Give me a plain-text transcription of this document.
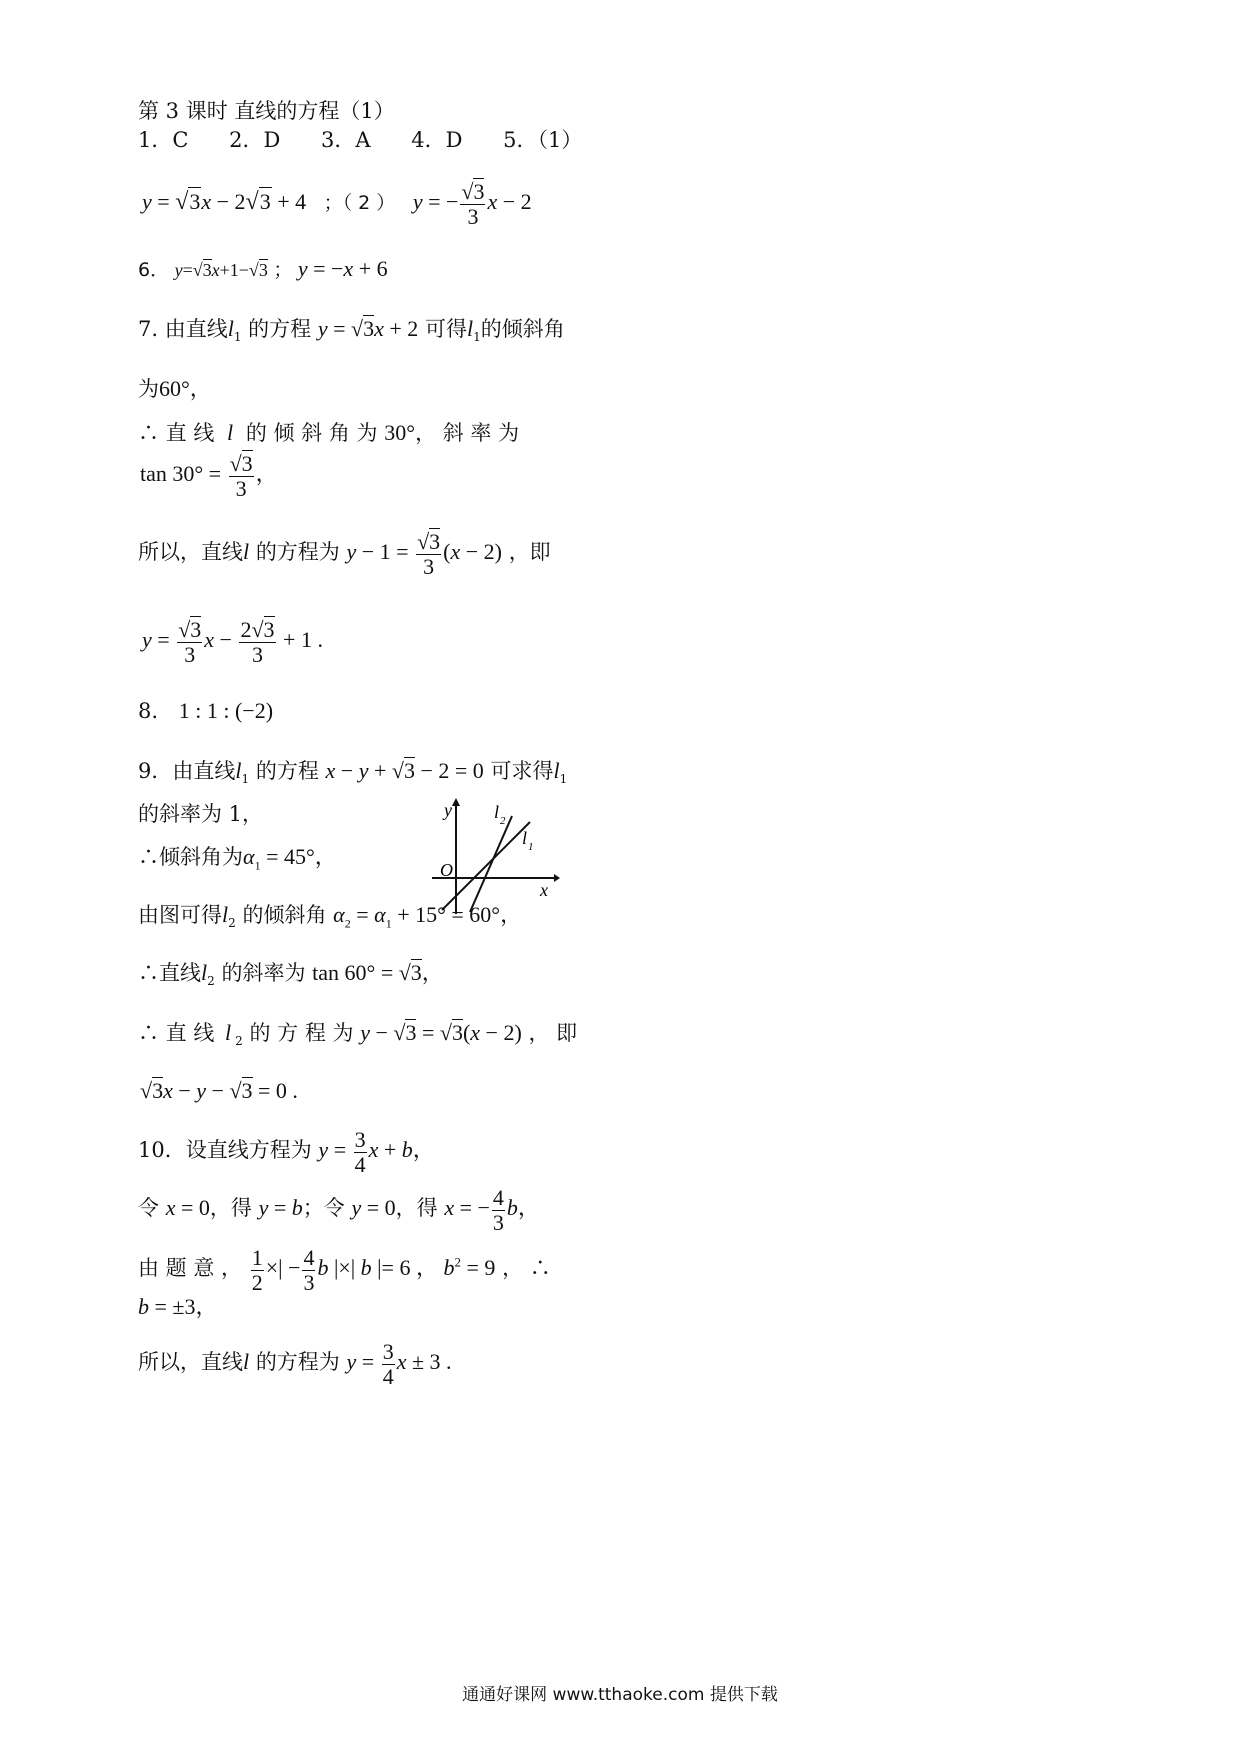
第 3 课时 直线的方程（1）
1．C 2．D 3．A 4．D 5．（1）
y = √3x − 2√3 + 4 ；（ 2 ） y = − $\frac{√3}{3}$ x − 2
6． y=√3x+1−√3 ； y = −x + 6
7. 由直线$l_1$ 的方程 y = √3x + 2 可得$l_1$的倾斜角
为60°，
∴ 直 线 l 的 倾 斜 角 为 30°， 斜 率 为
$\tan 30^\circ = \frac{√3}{3}$ ，
所以，直线l 的方程为 $y - 1 = \frac{√3}{3} (x - 2)$ ，即
$y = \frac{√3}{3}$ $x - \frac{2√3}{3} + 1$ .
8. 1 : 1 : (−2)
9．由直线$l_1$ 的方程 x − y + √3 − 2 = 0 可求得$l_1$
的斜率为 1，
∴倾斜角为$\alpha_1 = 45^\circ$，
y
x
O
l 2
l 1
由图可得$l_2$ 的倾斜角 $\alpha_2 = \alpha_1 + 15^\circ = 60^\circ$，
∴直线$l_2$ 的斜率为 tan 60° = √3，
∴ 直 线 l $_2$ 的 方 程 为 y − √3 = √3(x − 2) ， 即
√3x − y − √3 = 0 .
10．设直线方程为 $y = \frac{3}{4}$ x + b，
令 x = 0，得 y = b；令 y = 0，得 x = − $\frac{4}{3}$ b，
由 题 意 ， $\frac{1}{2}$ ×| − $\frac{4}{3}$ b |×| b |= 6 ， $b^2 = 9$ ， ∴
b = ±3，
所以，直线l 的方程为 $y = \frac{3}{4}$ x ± 3 .
通通好课网 www.tthaoke.com 提供下载
